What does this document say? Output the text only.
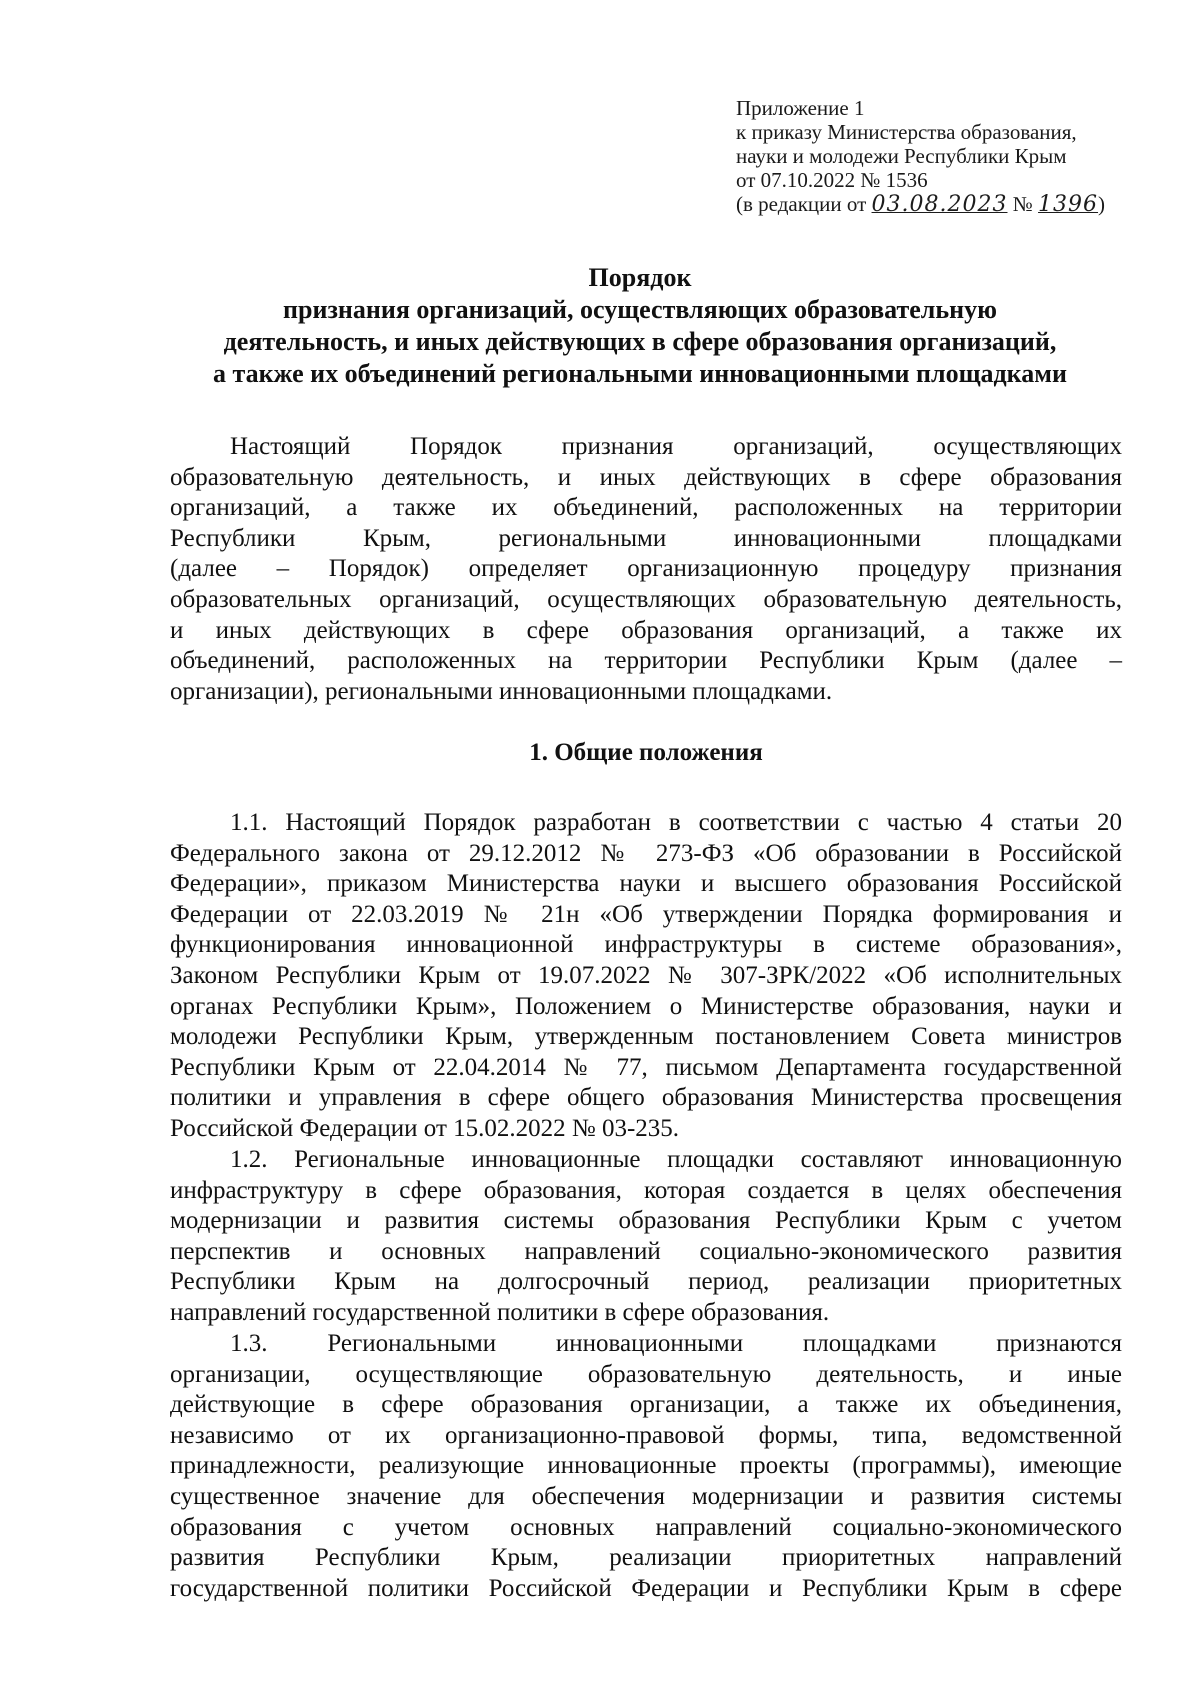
Приложение 1
к приказу Министерства образования,
науки и молодежи Республики Крым
от 07.10.2022 № 1536
(в редакции от 03.08.2023 № 1396)
Порядок
признания организаций, осуществляющих образовательную
деятельность, и иных действующих в сфере образования организаций,
а также их объединений региональными инновационными площадками
Настоящий Порядок признания организаций, осуществляющих
образовательную деятельность, и иных действующих в сфере образования
организаций, а также их объединений, расположенных на территории
Республики Крым, региональными инновационными площадками
(далее – Порядок) определяет организационную процедуру признания
образовательных организаций, осуществляющих образовательную деятельность,
и иных действующих в сфере образования организаций, а также их
объединений, расположенных на территории Республики Крым (далее –
организации), региональными инновационными площадками.
1. Общие положения
1.1. Настоящий Порядок разработан в соответствии с частью 4 статьи 20
Федерального закона от 29.12.2012 № 273-ФЗ «Об образовании в Российской
Федерации», приказом Министерства науки и высшего образования Российской
Федерации от 22.03.2019 № 21н «Об утверждении Порядка формирования и
функционирования инновационной инфраструктуры в системе образования»,
Законом Республики Крым от 19.07.2022 № 307-ЗРК/2022 «Об исполнительных
органах Республики Крым», Положением о Министерстве образования, науки и
молодежи Республики Крым, утвержденным постановлением Совета министров
Республики Крым от 22.04.2014 № 77, письмом Департамента государственной
политики и управления в сфере общего образования Министерства просвещения
Российской Федерации от 15.02.2022 № 03-235.
1.2. Региональные инновационные площадки составляют инновационную
инфраструктуру в сфере образования, которая создается в целях обеспечения
модернизации и развития системы образования Республики Крым с учетом
перспектив и основных направлений социально-экономического развития
Республики Крым на долгосрочный период, реализации приоритетных
направлений государственной политики в сфере образования.
1.3. Региональными инновационными площадками признаются
организации, осуществляющие образовательную деятельность, и иные
действующие в сфере образования организации, а также их объединения,
независимо от их организационно-правовой формы, типа, ведомственной
принадлежности, реализующие инновационные проекты (программы), имеющие
существенное значение для обеспечения модернизации и развития системы
образования с учетом основных направлений социально-экономического
развития Республики Крым, реализации приоритетных направлений
государственной политики Российской Федерации и Республики Крым в сфере
